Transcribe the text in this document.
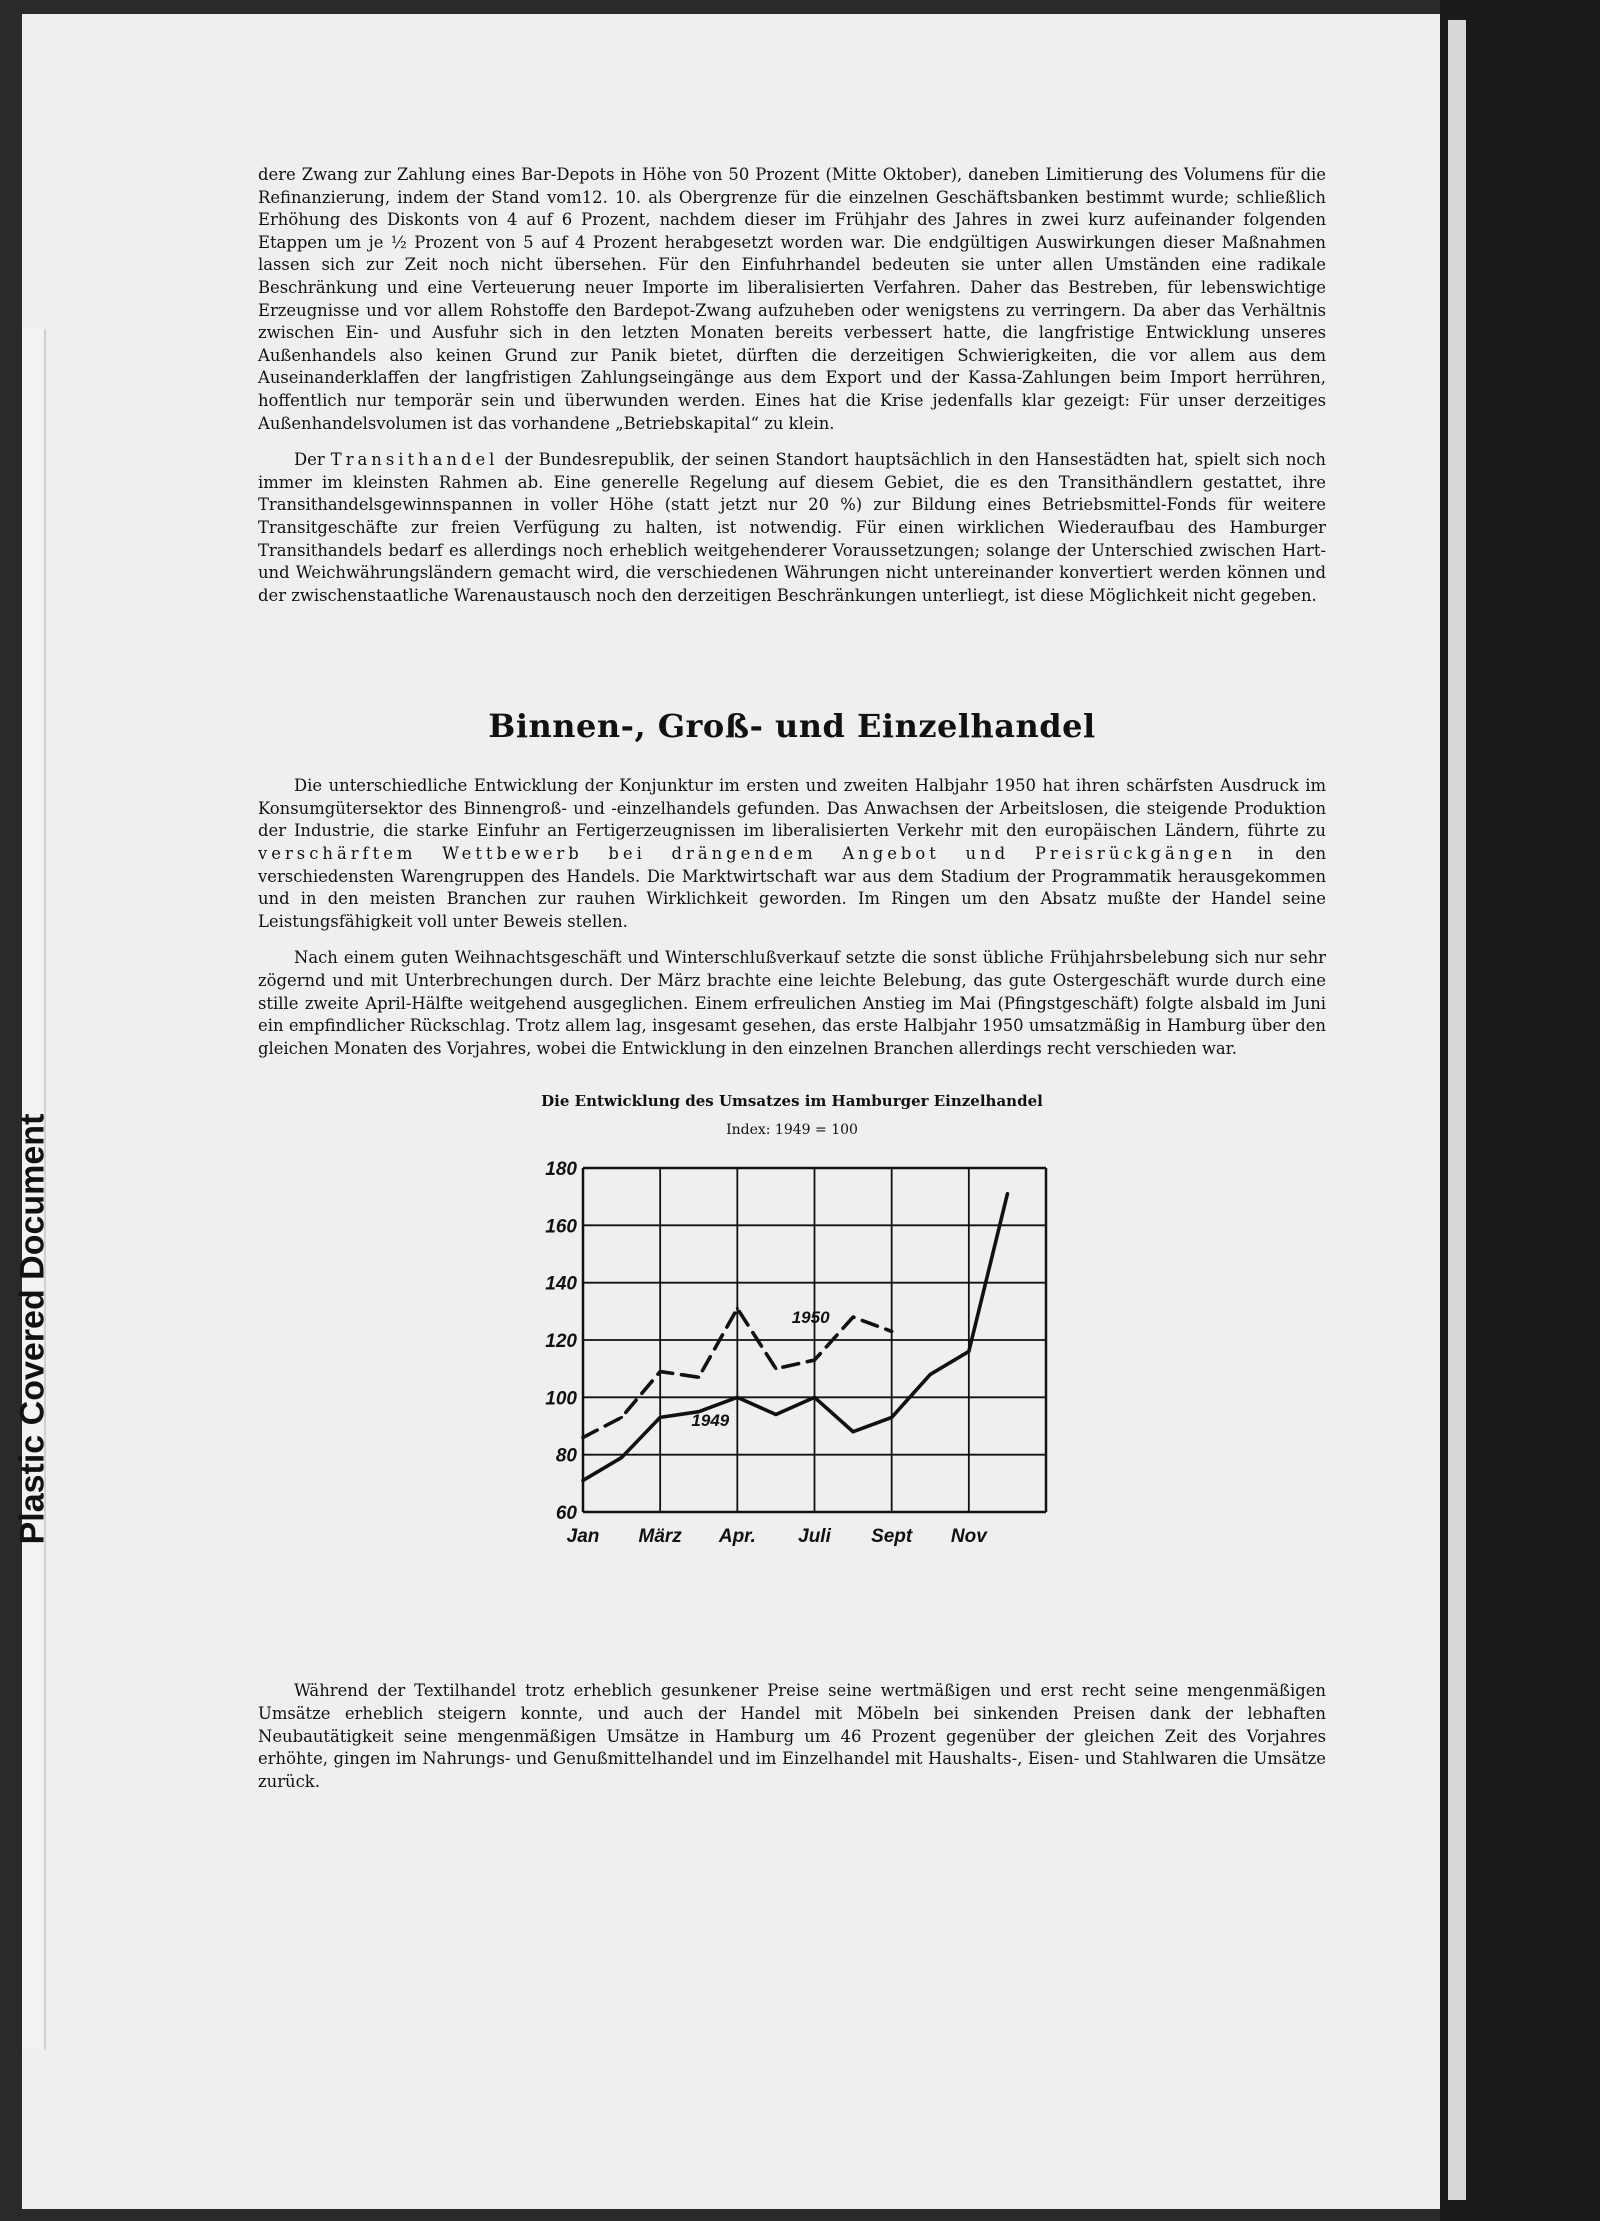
Plastic Covered Document

dere Zwang zur Zahlung eines Bar-Depots in Höhe von 50 Prozent (Mitte Oktober), daneben Limitierung des Volumens für die Refinanzierung, indem der Stand vom12. 10. als Obergrenze für die einzelnen Geschäftsbanken bestimmt wurde; schließlich Erhöhung des Diskonts von 4 auf 6 Prozent, nachdem dieser im Frühjahr des Jahres in zwei kurz aufeinander folgenden Etappen um je ½ Prozent von 5 auf 4 Prozent herabgesetzt worden war. Die endgültigen Auswirkungen dieser Maßnahmen lassen sich zur Zeit noch nicht übersehen. Für den Einfuhrhandel bedeuten sie unter allen Umständen eine radikale Beschränkung und eine Verteuerung neuer Importe im liberalisierten Verfahren. Daher das Bestreben, für lebenswichtige Erzeugnisse und vor allem Rohstoffe den Bardepot-Zwang aufzuheben oder wenigstens zu verringern. Da aber das Verhältnis zwischen Ein- und Ausfuhr sich in den letzten Monaten bereits verbessert hatte, die langfristige Entwicklung unseres Außenhandels also keinen Grund zur Panik bietet, dürften die derzeitigen Schwierigkeiten, die vor allem aus dem Auseinanderklaffen der langfristigen Zahlungseingänge aus dem Export und der Kassa-Zahlungen beim Import herrühren, hoffentlich nur temporär sein und überwunden werden. Eines hat die Krise jedenfalls klar gezeigt: Für unser derzeitiges Außenhandelsvolumen ist das vorhandene „Betriebskapital“ zu klein.

Der Transithandel der Bundesrepublik, der seinen Standort hauptsächlich in den Hansestädten hat, spielt sich noch immer im kleinsten Rahmen ab. Eine generelle Regelung auf diesem Gebiet, die es den Transithändlern gestattet, ihre Transithandelsgewinnspannen in voller Höhe (statt jetzt nur 20 %) zur Bildung eines Betriebsmittel-Fonds für weitere Transitgeschäfte zur freien Verfügung zu halten, ist notwendig. Für einen wirklichen Wiederaufbau des Hamburger Transithandels bedarf es allerdings noch erheblich weitgehenderer Voraussetzungen; solange der Unterschied zwischen Hart- und Weichwährungsländern gemacht wird, die verschiedenen Währungen nicht untereinander konvertiert werden können und der zwischenstaatliche Warenaustausch noch den derzeitigen Beschränkungen unterliegt, ist diese Möglichkeit nicht gegeben.

Binnen-, Groß- und Einzelhandel

Die unterschiedliche Entwicklung der Konjunktur im ersten und zweiten Halbjahr 1950 hat ihren schärfsten Ausdruck im Konsumgütersektor des Binnengroß- und -einzelhandels gefunden. Das Anwachsen der Arbeitslosen, die steigende Produktion der Industrie, die starke Einfuhr an Fertigerzeugnissen im liberalisierten Verkehr mit den europäischen Ländern, führte zu verschärftem Wettbewerb bei drängendem Angebot und Preisrückgängen in den verschiedensten Warengruppen des Handels. Die Marktwirtschaft war aus dem Stadium der Programmatik herausgekommen und in den meisten Branchen zur rauhen Wirklichkeit geworden. Im Ringen um den Absatz mußte der Handel seine Leistungsfähigkeit voll unter Beweis stellen.

Nach einem guten Weihnachtsgeschäft und Winterschlußverkauf setzte die sonst übliche Frühjahrsbelebung sich nur sehr zögernd und mit Unterbrechungen durch. Der März brachte eine leichte Belebung, das gute Ostergeschäft wurde durch eine stille zweite April-Hälfte weitgehend ausgeglichen. Einem erfreulichen Anstieg im Mai (Pfingstgeschäft) folgte alsbald im Juni ein empfindlicher Rückschlag. Trotz allem lag, insgesamt gesehen, das erste Halbjahr 1950 umsatzmäßig in Hamburg über den gleichen Monaten des Vorjahres, wobei die Entwicklung in den einzelnen Branchen allerdings recht verschieden war.

Die Entwicklung des Umsatzes im Hamburger Einzelhandel
Index: 1949 = 100
60
80
100
120
140
160
180
Jan März Apr. Juli Sept Nov
1949
1950

Während der Textilhandel trotz erheblich gesunkener Preise seine wertmäßigen und erst recht seine mengenmäßigen Umsätze erheblich steigern konnte, und auch der Handel mit Möbeln bei sinkenden Preisen dank der lebhaften Neubautätigkeit seine mengenmäßigen Umsätze in Hamburg um 46 Prozent gegenüber der gleichen Zeit des Vorjahres erhöhte, gingen im Nahrungs- und Genußmittelhandel und im Einzelhandel mit Haushalts-, Eisen- und Stahlwaren die Umsätze zurück.
